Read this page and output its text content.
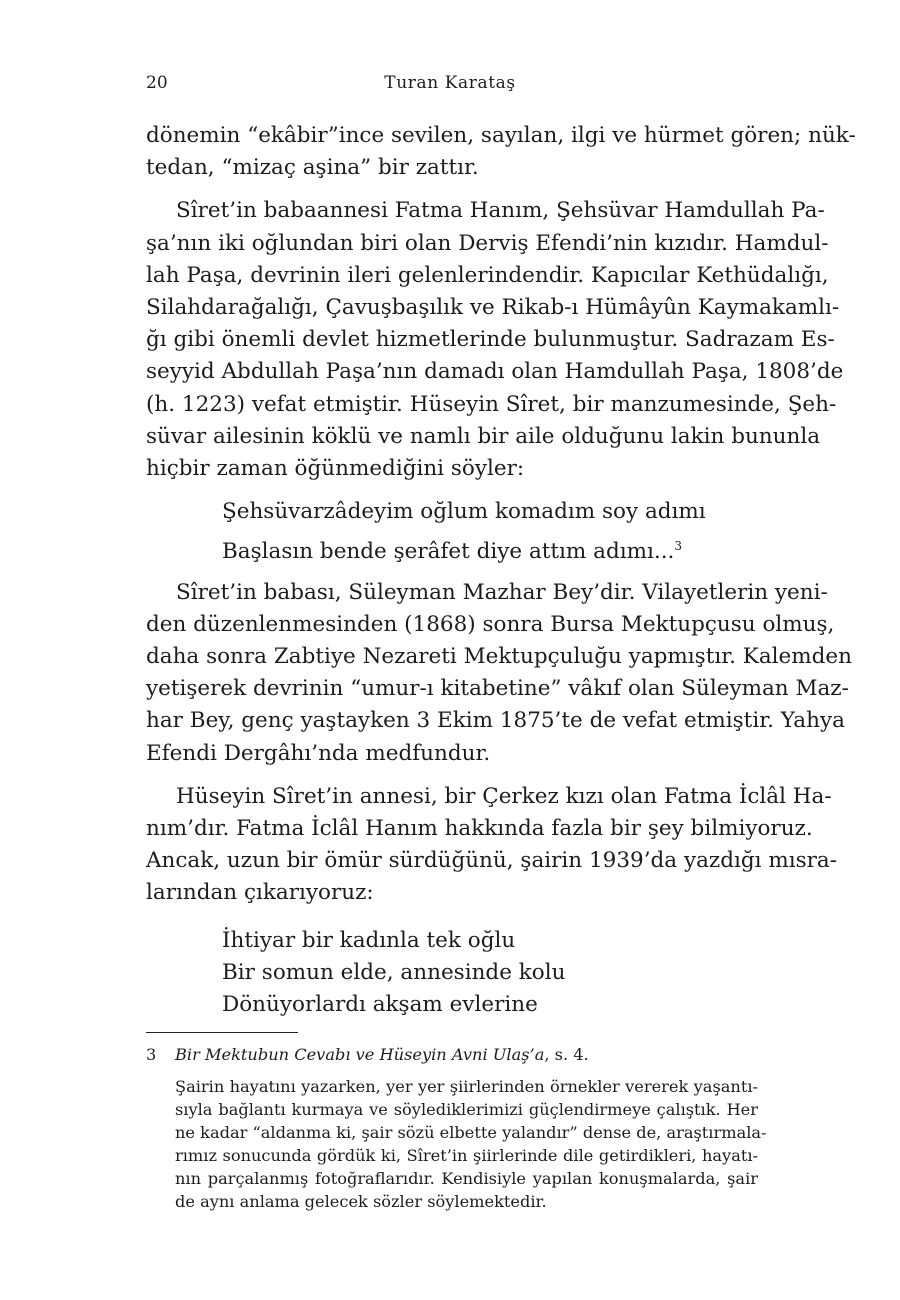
20	Turan Karataş
dönemin “ekâbir”ince sevilen, sayılan, ilgi ve hürmet gören; nük-
tedan, “mizaç aşina” bir zattır.
Sîret’in babaannesi Fatma Hanım, Şehsüvar Hamdullah Pa-
şa’nın iki oğlundan biri olan Derviş Efendi’nin kızıdır. Hamdul-
lah Paşa, devrinin ileri gelenlerindendir. Kapıcılar Kethüdalığı,
Silahdarağalığı, Çavuşbaşılık ve Rikab-ı Hümâyûn Kaymakamlı-
ğı gibi önemli devlet hizmetlerinde bulunmuştur. Sadrazam Es-
seyyid Abdullah Paşa’nın damadı olan Hamdullah Paşa, 1808’de
(h. 1223) vefat etmiştir. Hüseyin Sîret, bir manzumesinde, Şeh-
süvar ailesinin köklü ve namlı bir aile olduğunu lakin bununla
hiçbir zaman öğünmediğini söyler:
Şehsüvarzâdeyim oğlum komadım soy adımı
Başlasın bende şerâfet diye attım adımı...$^3$
Sîret’in babası, Süleyman Mazhar Bey’dir. Vilayetlerin yeni-
den düzenlenmesinden (1868) sonra Bursa Mektupçusu olmuş,
daha sonra Zabtiye Nezareti Mektupçuluğu yapmıştır. Kalemden
yetişerek devrinin “umur-ı kitabetine” vâkıf olan Süleyman Maz-
har Bey, genç yaştayken 3 Ekim 1875’te de vefat etmiştir. Yahya
Efendi Dergâhı’nda medfundur.
Hüseyin Sîret’in annesi, bir Çerkez kızı olan Fatma İclâl Ha-
nım’dır. Fatma İclâl Hanım hakkında fazla bir şey bilmiyoruz.
Ancak, uzun bir ömür sürdüğünü, şairin 1939’da yazdığı mısra-
larından çıkarıyoruz:
İhtiyar bir kadınla tek oğlu
Bir somun elde, annesinde kolu
Dönüyorlardı akşam evlerine
3	Bir Mektubun Cevabı ve Hüseyin Avni Ulaş’a, s. 4.
Şairin hayatını yazarken, yer yer şiirlerinden örnekler vererek yaşantı-
sıyla bağlantı kurmaya ve söylediklerimizi güçlendirmeye çalıştık. Her
ne kadar “aldanma ki, şair sözü elbette yalandır” dense de, araştırmala-
rımız sonucunda gördük ki, Sîret’in şiirlerinde dile getirdikleri, hayatı-
nın parçalanmış fotoğraflarıdır. Kendisiyle yapılan konuşmalarda, şair
de aynı anlama gelecek sözler söylemektedir.
